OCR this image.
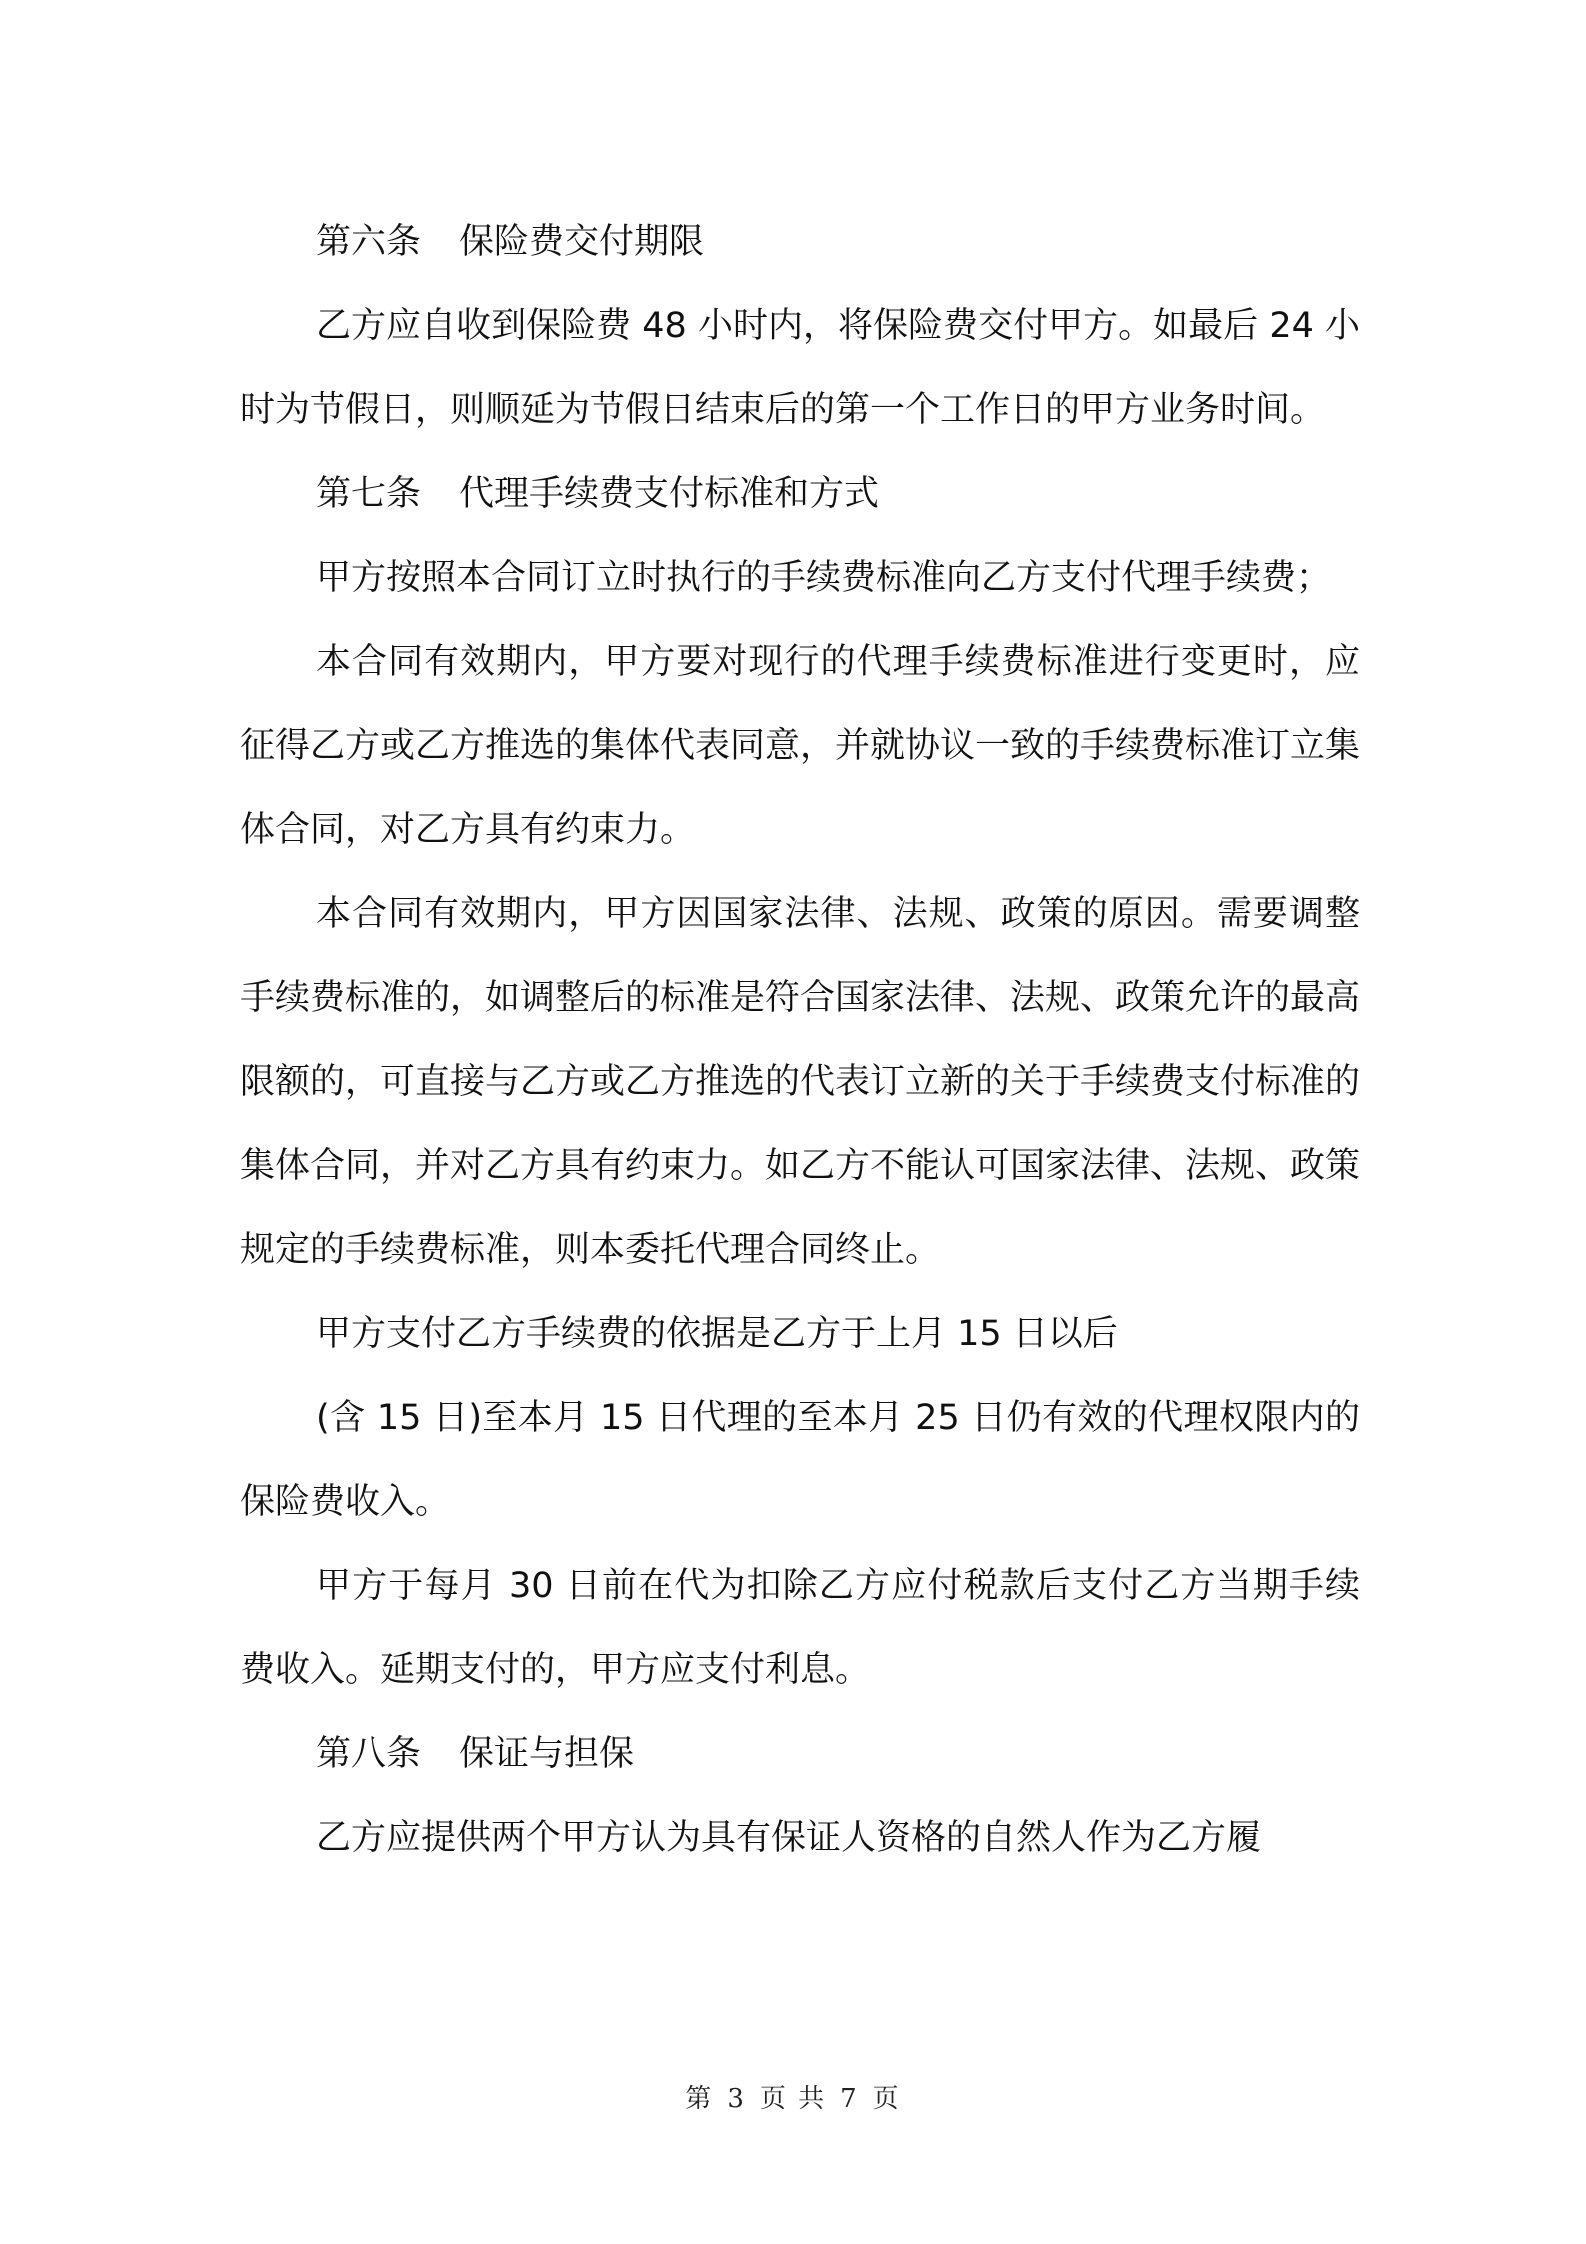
第六条 保险费交付期限

乙方应自收到保险费 48 小时内，将保险费交付甲方。如最后 24 小时为节假日，则顺延为节假日结束后的第一个工作日的甲方业务时间。

第七条 代理手续费支付标准和方式

甲方按照本合同订立时执行的手续费标准向乙方支付代理手续费；

本合同有效期内，甲方要对现行的代理手续费标准进行变更时，应征得乙方或乙方推选的集体代表同意，并就协议一致的手续费标准订立集体合同，对乙方具有约束力。

本合同有效期内，甲方因国家法律、法规、政策的原因。需要调整手续费标准的，如调整后的标准是符合国家法律、法规、政策允许的最高限额的，可直接与乙方或乙方推选的代表订立新的关于手续费支付标准的集体合同，并对乙方具有约束力。如乙方不能认可国家法律、法规、政策规定的手续费标准，则本委托代理合同终止。

甲方支付乙方手续费的依据是乙方于上月 15 日以后

(含 15 日)至本月 15 日代理的至本月 25 日仍有效的代理权限内的保险费收入。

甲方于每月 30 日前在代为扣除乙方应付税款后支付乙方当期手续费收入。延期支付的，甲方应支付利息。

第八条 保证与担保

乙方应提供两个甲方认为具有保证人资格的自然人作为乙方履

第 3 页 共 7 页
